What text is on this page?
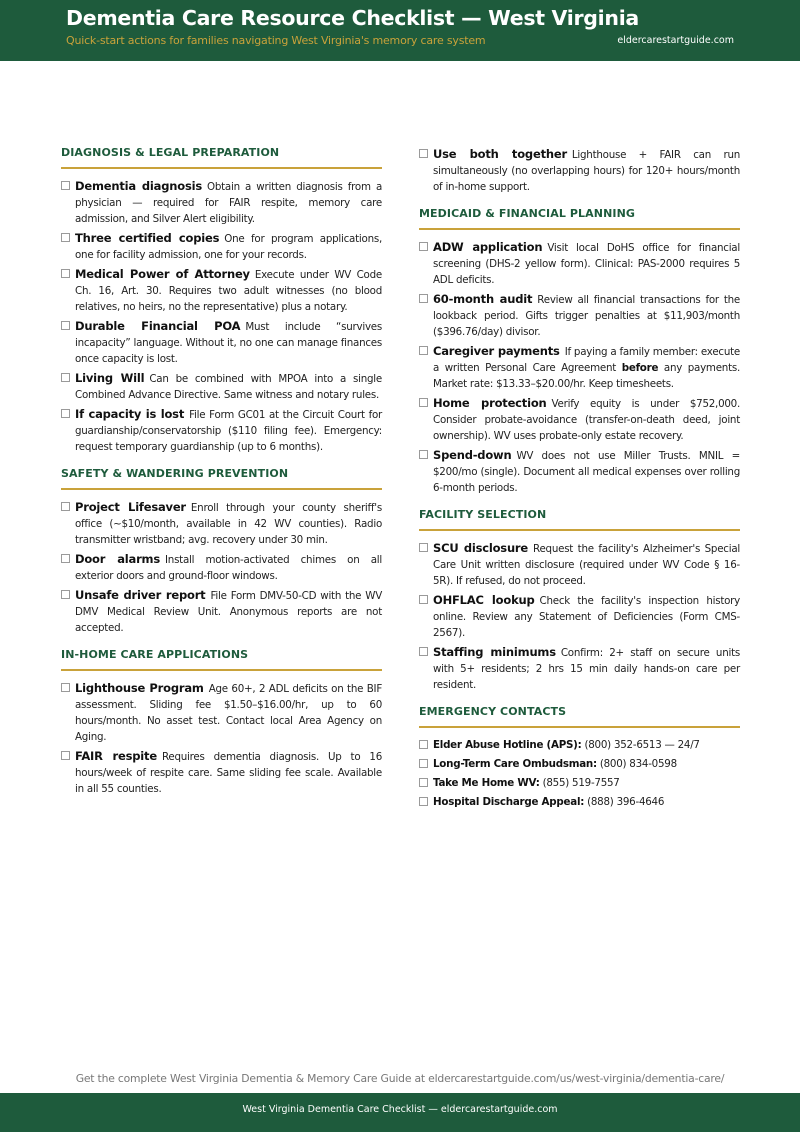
Dementia Care Resource Checklist — West Virginia
Quick-start actions for families navigating West Virginia's memory care system	eldercarestartguide.com
DIAGNOSIS & LEGAL PREPARATION
Dementia diagnosis Obtain a written diagnosis from a physician — required for FAIR respite, memory care admission, and Silver Alert eligibility.
Three certified copies One for program applications, one for facility admission, one for your records.
Medical Power of Attorney Execute under WV Code Ch. 16, Art. 30. Requires two adult witnesses (no blood relatives, no heirs, no the representative) plus a notary.
Durable Financial POA Must include “survives incapacity” language. Without it, no one can manage finances once capacity is lost.
Living Will Can be combined with MPOA into a single Combined Advance Directive. Same witness and notary rules.
If capacity is lost File Form GC01 at the Circuit Court for guardianship/conservatorship ($110 filing fee). Emergency: request temporary guardianship (up to 6 months).
SAFETY & WANDERING PREVENTION
Project Lifesaver Enroll through your county sheriff's office (~$10/month, available in 42 WV counties). Radio transmitter wristband; avg. recovery under 30 min.
Door alarms Install motion-activated chimes on all exterior doors and ground-floor windows.
Unsafe driver report File Form DMV-50-CD with the WV DMV Medical Review Unit. Anonymous reports are not accepted.
IN-HOME CARE APPLICATIONS
Lighthouse Program Age 60+, 2 ADL deficits on the BIF assessment. Sliding fee $1.50–$16.00/hr, up to 60 hours/month. No asset test. Contact local Area Agency on Aging.
FAIR respite Requires dementia diagnosis. Up to 16 hours/week of respite care. Same sliding fee scale. Available in all 55 counties.
Use both together Lighthouse + FAIR can run simultaneously (no overlapping hours) for 120+ hours/month of in-home support.
MEDICAID & FINANCIAL PLANNING
ADW application Visit local DoHS office for financial screening (DHS-2 yellow form). Clinical: PAS-2000 requires 5 ADL deficits.
60-month audit Review all financial transactions for the lookback period. Gifts trigger penalties at $11,903/month ($396.76/day) divisor.
Caregiver payments If paying a family member: execute a written Personal Care Agreement before any payments. Market rate: $13.33–$20.00/hr. Keep timesheets.
Home protection Verify equity is under $752,000. Consider probate-avoidance (transfer-on-death deed, joint ownership). WV uses probate-only estate recovery.
Spend-down WV does not use Miller Trusts. MNIL = $200/mo (single). Document all medical expenses over rolling 6-month periods.
FACILITY SELECTION
SCU disclosure Request the facility's Alzheimer's Special Care Unit written disclosure (required under WV Code § 16-5R). If refused, do not proceed.
OHFLAC lookup Check the facility's inspection history online. Review any Statement of Deficiencies (Form CMS-2567).
Staffing minimums Confirm: 2+ staff on secure units with 5+ residents; 2 hrs 15 min daily hands-on care per resident.
EMERGENCY CONTACTS
Elder Abuse Hotline (APS): (800) 352-6513 — 24/7
Long-Term Care Ombudsman: (800) 834-0598
Take Me Home WV: (855) 519-7557
Hospital Discharge Appeal: (888) 396-4646
Get the complete West Virginia Dementia & Memory Care Guide at eldercarestartguide.com/us/west-virginia/dementia-care/
West Virginia Dementia Care Checklist — eldercarestartguide.com
